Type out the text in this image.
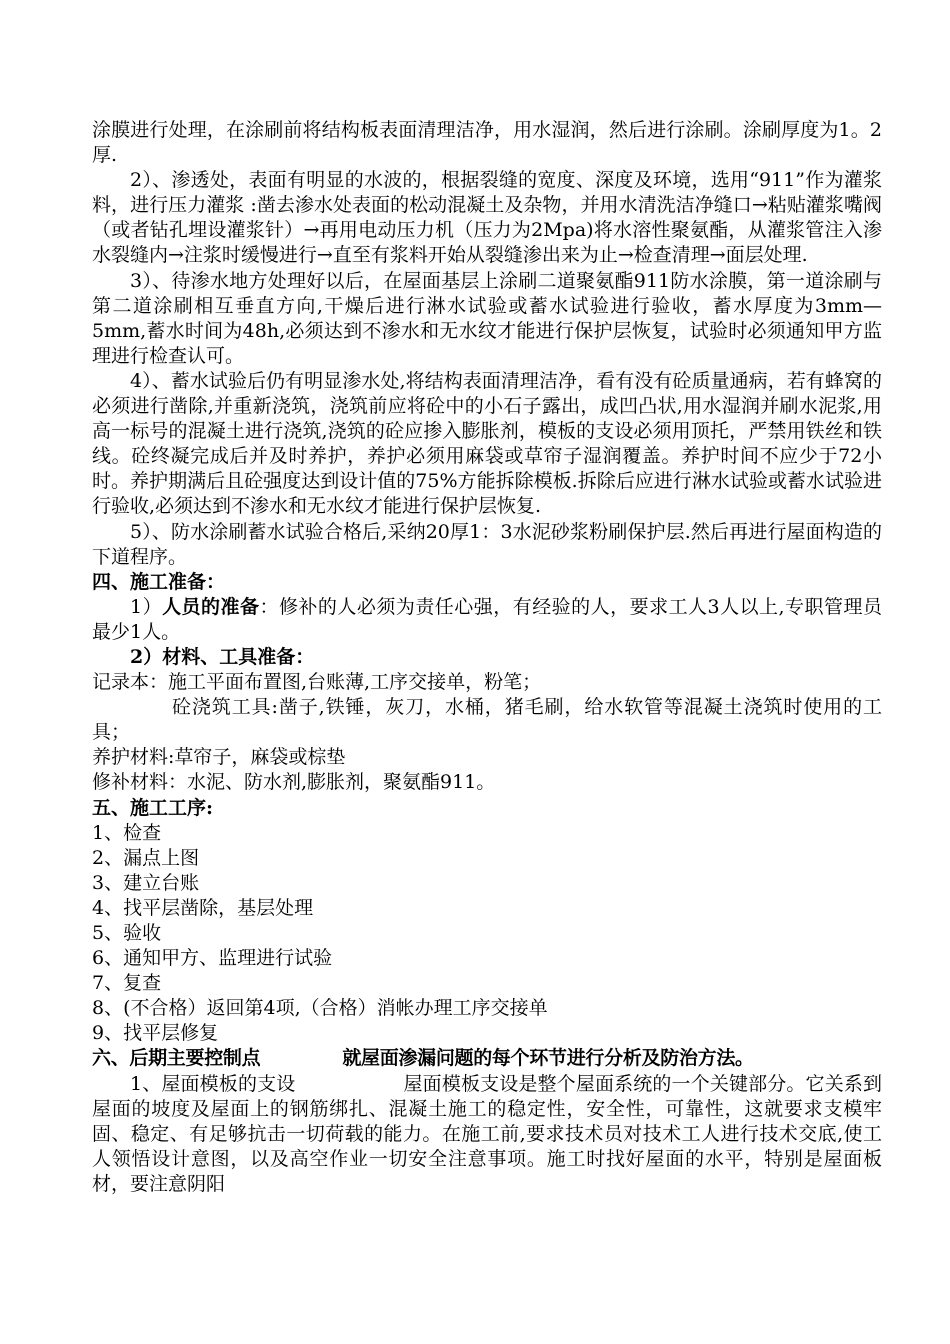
涂膜进行处理，在涂刷前将结构板表面清理洁净，用水湿润，然后进行涂刷。涂刷厚度为1。2厚.
2）、渗透处，表面有明显的水波的，根据裂缝的宽度、深度及环境，选用“911”作为灌浆料，进行压力灌浆 :凿去渗水处表面的松动混凝土及杂物，并用水清洗洁净缝口→粘贴灌浆嘴阀（或者钻孔埋设灌浆针）→再用电动压力机（压力为2Mpa)将水溶性聚氨酯，从灌浆管注入渗水裂缝内→注浆时缓慢进行→直至有浆料开始从裂缝渗出来为止→检查清理→面层处理.
3）、待渗水地方处理好以后，在屋面基层上涂刷二道聚氨酯911防水涂膜，第一道涂刷与第二道涂刷相互垂直方向,干燥后进行淋水试验或蓄水试验进行验收，蓄水厚度为3mm—5mm,蓄水时间为48h,必须达到不渗水和无水纹才能进行保护层恢复，试验时必须通知甲方监理进行检查认可。
4）、蓄水试验后仍有明显渗水处,将结构表面清理洁净，看有没有砼质量通病，若有蜂窝的必须进行凿除,并重新浇筑，浇筑前应将砼中的小石子露出，成凹凸状,用水湿润并刷水泥浆,用高一标号的混凝土进行浇筑,浇筑的砼应掺入膨胀剂，模板的支设必须用顶托，严禁用铁丝和铁线。砼终凝完成后并及时养护，养护必须用麻袋或草帘子湿润覆盖。养护时间不应少于72小时。养护期满后且砼强度达到设计值的75%方能拆除模板.拆除后应进行淋水试验或蓄水试验进行验收,必须达到不渗水和无水纹才能进行保护层恢复.
5）、防水涂刷蓄水试验合格后,采纳20厚1：3水泥砂浆粉刷保护层.然后再进行屋面构造的下道程序。
四、施工准备：
1）人员的准备：修补的人必须为责任心强，有经验的人，要求工人3人以上,专职管理员最少1人。
2）材料、工具准备：
记录本：施工平面布置图,台账薄,工序交接单，粉笔；
砼浇筑工具:凿子,铁锤，灰刀，水桶，猪毛刷，给水软管等混凝土浇筑时使用的工具；
养护材料:草帘子，麻袋或棕垫
修补材料：水泥、防水剂,膨胀剂，聚氨酯911。
五、施工工序:
1、检查
2、漏点上图
3、建立台账
4、找平层凿除，基层处理
5、验收
6、通知甲方、监理进行试验
7、复查
8、(不合格）返回第4项,（合格）消帐办理工序交接单
9、找平层修复
六、后期主要控制点	就屋面渗漏问题的每个环节进行分析及防治方法。
1、屋面模板的支设	屋面模板支设是整个屋面系统的一个关键部分。它关系到屋面的坡度及屋面上的钢筋绑扎、混凝土施工的稳定性，安全性，可靠性，这就要求支模牢固、稳定、有足够抗击一切荷载的能力。在施工前,要求技术员对技术工人进行技术交底,使工人领悟设计意图，以及高空作业一切安全注意事项。施工时找好屋面的水平，特别是屋面板材，要注意阴阳
